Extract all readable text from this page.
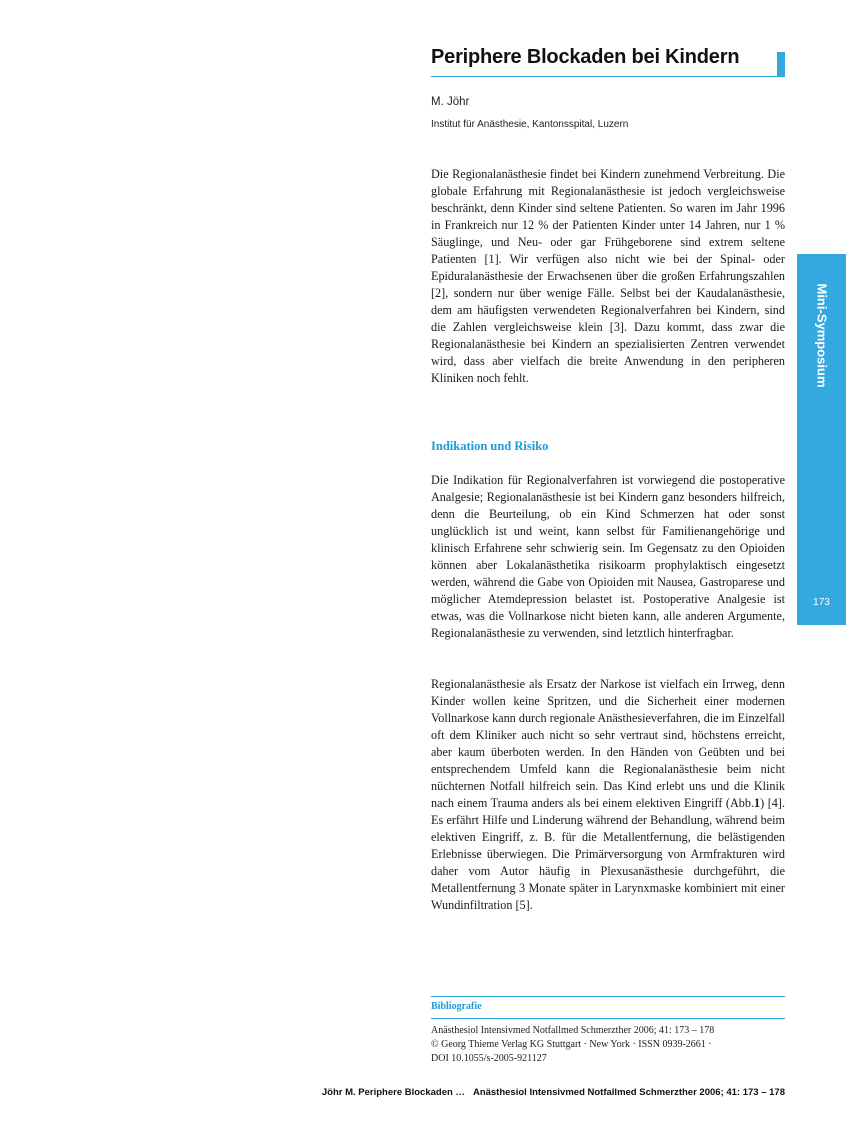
Periphere Blockaden bei Kindern
M. Jöhr
Institut für Anästhesie, Kantonsspital, Luzern

Die Regionalanästhesie findet bei Kindern zunehmend Verbreitung. Die globale Erfahrung mit Regionalanästhesie ist jedoch vergleichsweise beschränkt, denn Kinder sind seltene Patienten. So waren im Jahr 1996 in Frankreich nur 12 % der Patienten Kinder unter 14 Jahren, nur 1 % Säuglinge, und Neu- oder gar Frühgeborene sind extrem seltene Patienten [1]. Wir verfügen also nicht wie bei der Spinal- oder Epiduralanästhesie der Erwachsenen über die großen Erfahrungszahlen [2], sondern nur über wenige Fälle. Selbst bei der Kaudalanästhesie, dem am häufigsten verwendeten Regionalverfahren bei Kindern, sind die Zahlen vergleichsweise klein [3]. Dazu kommt, dass zwar die Regionalanästhesie bei Kindern an spezialisierten Zentren verwendet wird, dass aber vielfach die breite Anwendung in den peripheren Kliniken noch fehlt.

Indikation und Risiko

Die Indikation für Regionalverfahren ist vorwiegend die postoperative Analgesie; Regionalanästhesie ist bei Kindern ganz besonders hilfreich, denn die Beurteilung, ob ein Kind Schmerzen hat oder sonst unglücklich ist und weint, kann selbst für Familienangehörige und klinisch Erfahrene sehr schwierig sein. Im Gegensatz zu den Opioiden können aber Lokalanästhetika risikoarm prophylaktisch eingesetzt werden, während die Gabe von Opioiden mit Nausea, Gastroparese und möglicher Atemdepression belastet ist. Postoperative Analgesie ist etwas, was die Vollnarkose nicht bieten kann, alle anderen Argumente, Regionalanästhesie zu verwenden, sind letztlich hinterfragbar.

Regionalanästhesie als Ersatz der Narkose ist vielfach ein Irrweg, denn Kinder wollen keine Spritzen, und die Sicherheit einer modernen Vollnarkose kann durch regionale Anästhesieverfahren, die im Einzelfall oft dem Kliniker auch nicht so sehr vertraut sind, höchstens erreicht, aber kaum überboten werden. In den Händen von Geübten und bei entsprechendem Umfeld kann die Regionalanästhesie beim nicht nüchternen Notfall hilfreich sein. Das Kind erlebt uns und die Klinik nach einem Trauma anders als bei einem elektiven Eingriff (Abb.1) [4]. Es erfährt Hilfe und Linderung während der Behandlung, während beim elektiven Eingriff, z. B. für die Metallentfernung, die belästigenden Erlebnisse überwiegen. Die Primärversorgung von Armfrakturen wird daher vom Autor häufig in Plexusanästhesie durchgeführt, die Metallentfernung 3 Monate später in Larynxmaske kombiniert mit einer Wundinfiltration [5].

Mini-Symposium
173
Bibliografie
Anästhesiol Intensivmed Notfallmed Schmerzther 2006; 41: 173 – 178
© Georg Thieme Verlag KG Stuttgart · New York · ISSN 0939-2661 ·
DOI 10.1055/s-2005-921127
Jöhr M. Periphere Blockaden … Anästhesiol Intensivmed Notfallmed Schmerzther 2006; 41: 173 – 178
